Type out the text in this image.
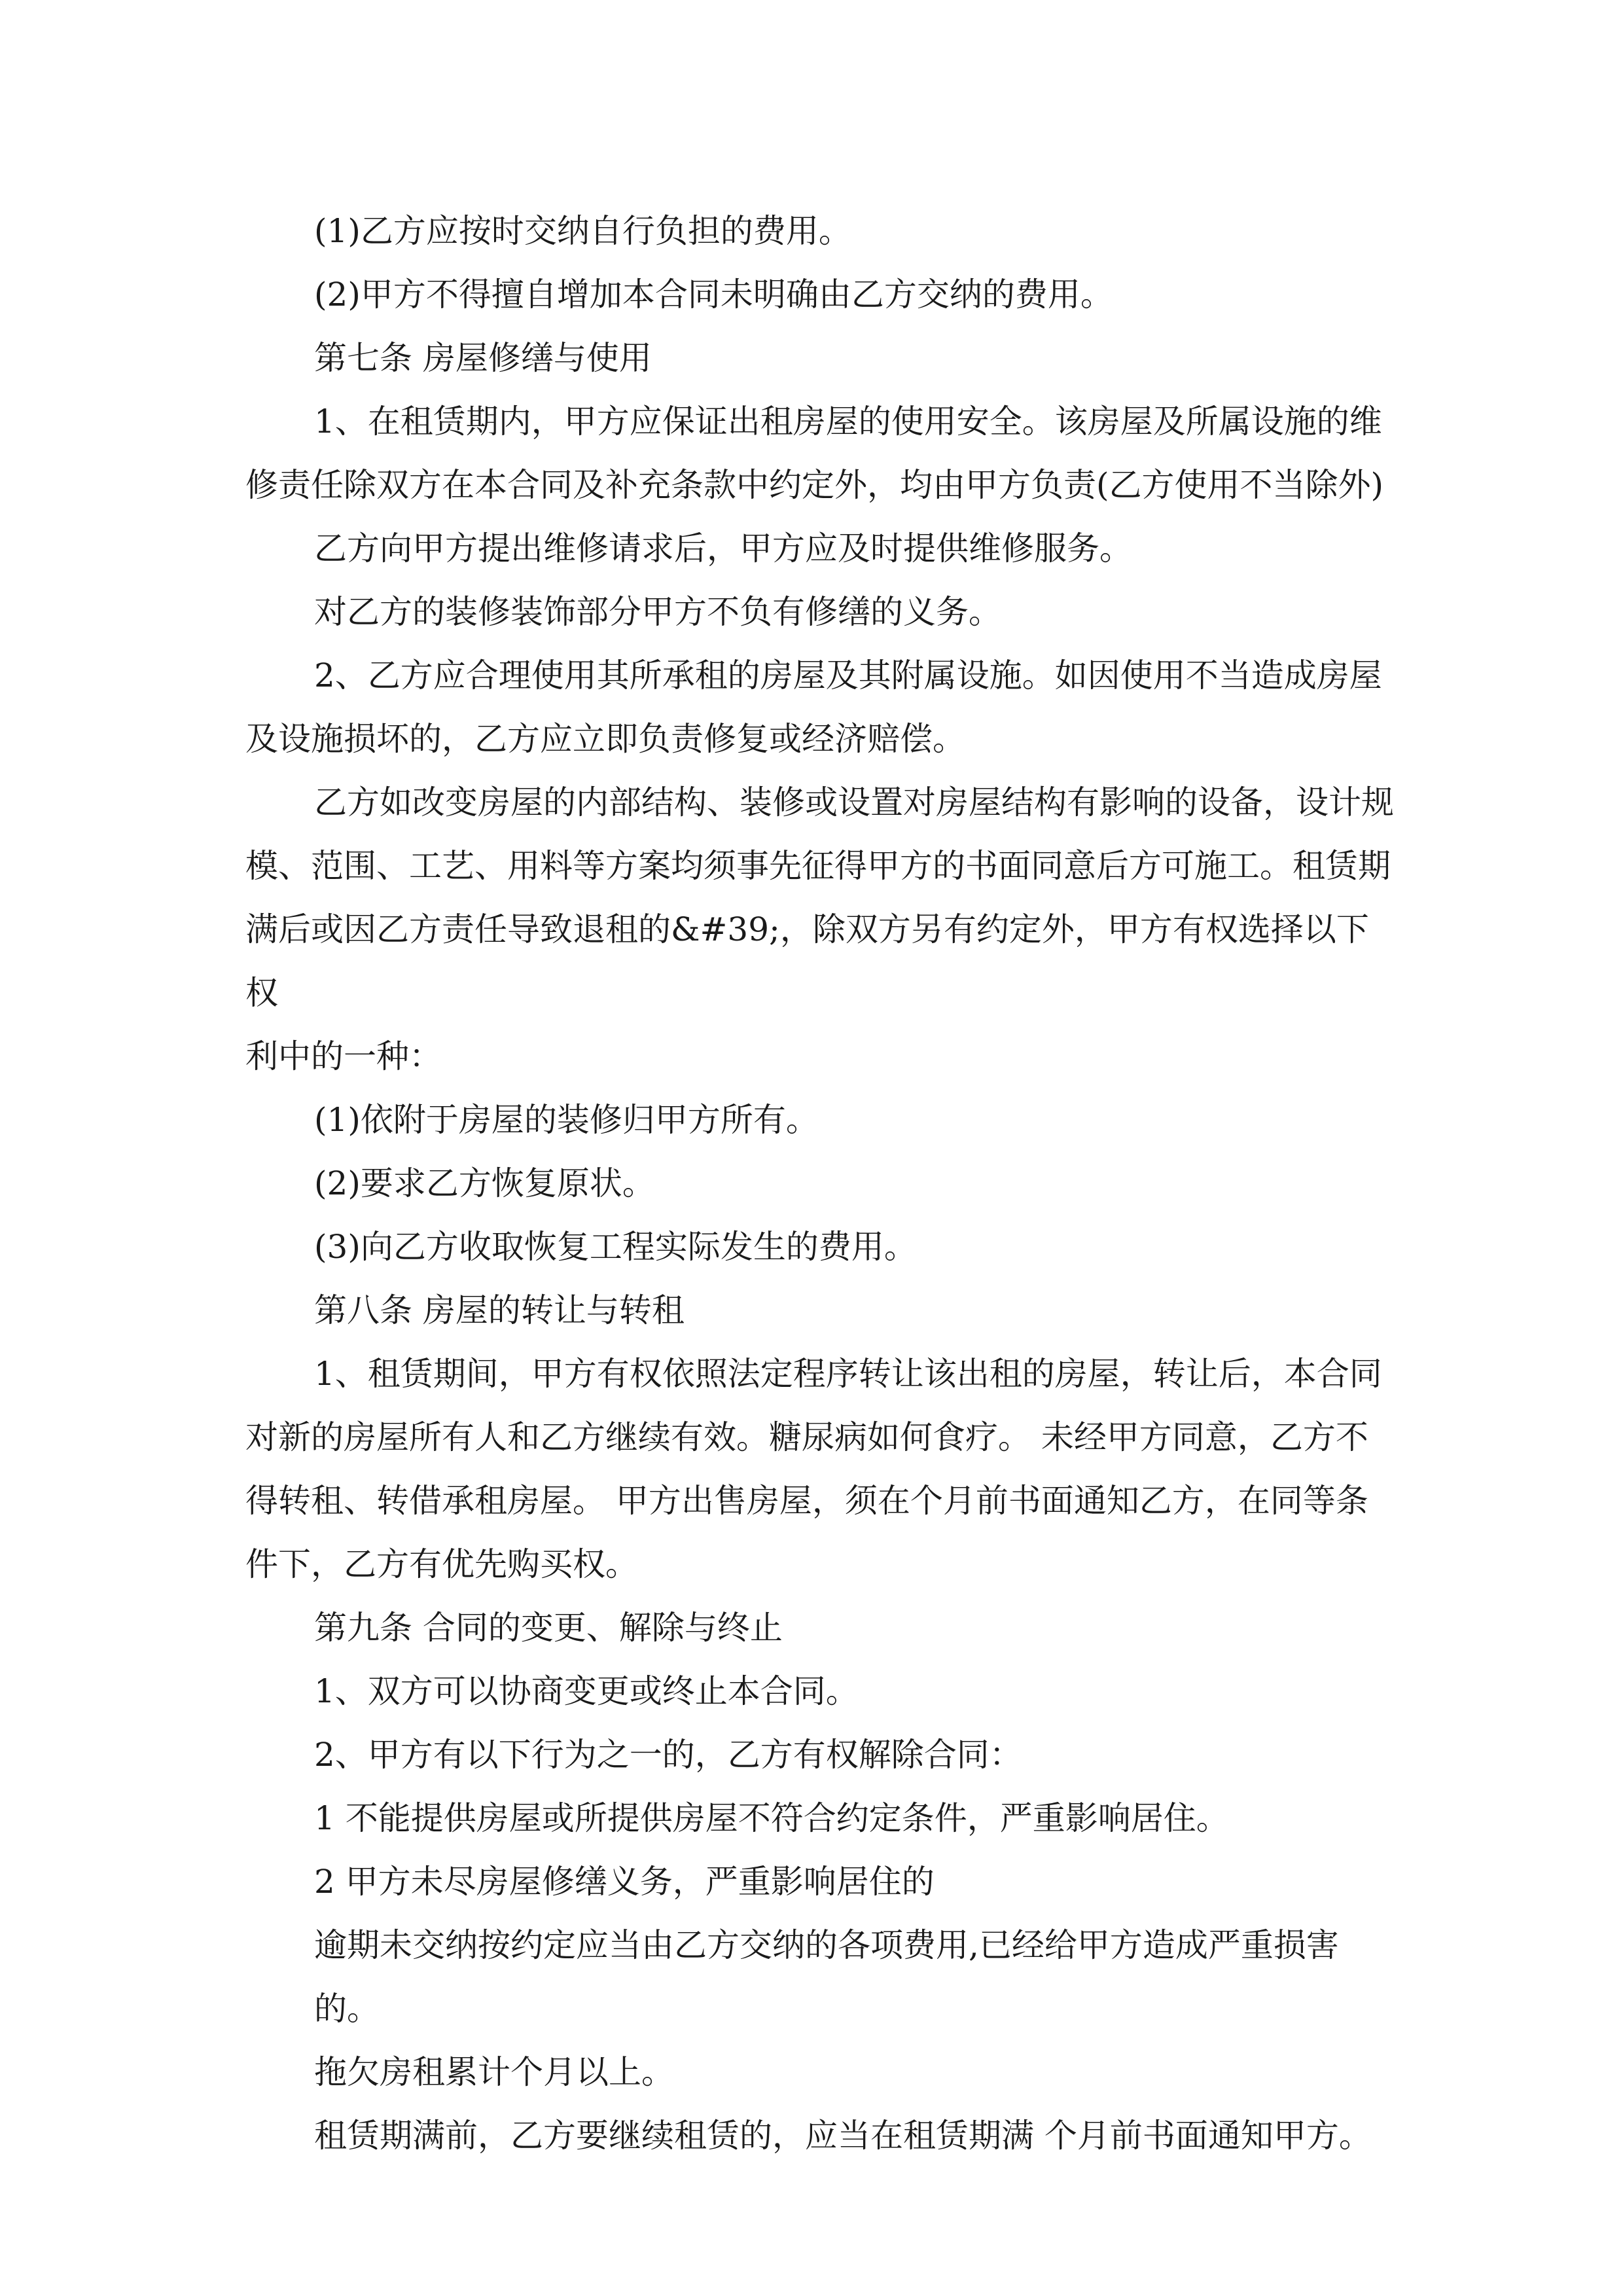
(1)乙方应按时交纳自行负担的费用。

(2)甲方不得擅自增加本合同未明确由乙方交纳的费用。

第七条 房屋修缮与使用

1、在租赁期内，甲方应保证出租房屋的使用安全。该房屋及所属设施的维

修责任除双方在本合同及补充条款中约定外，均由甲方负责(乙方使用不当除外)

乙方向甲方提出维修请求后，甲方应及时提供维修服务。

对乙方的装修装饰部分甲方不负有修缮的义务。

2、乙方应合理使用其所承租的房屋及其附属设施。如因使用不当造成房屋

及设施损坏的，乙方应立即负责修复或经济赔偿。

乙方如改变房屋的内部结构、装修或设置对房屋结构有影响的设备，设计规

模、范围、工艺、用料等方案均须事先征得甲方的书面同意后方可施工。租赁期

满后或因乙方责任导致退租的&#39;，除双方另有约定外，甲方有权选择以下权

利中的一种：

(1)依附于房屋的装修归甲方所有。

(2)要求乙方恢复原状。

(3)向乙方收取恢复工程实际发生的费用。

第八条 房屋的转让与转租

1、租赁期间，甲方有权依照法定程序转让该出租的房屋，转让后，本合同

对新的房屋所有人和乙方继续有效。糖尿病如何食疗。 未经甲方同意，乙方不

得转租、转借承租房屋。 甲方出售房屋，须在个月前书面通知乙方，在同等条

件下，乙方有优先购买权。

第九条 合同的变更、解除与终止

1、双方可以协商变更或终止本合同。

2、甲方有以下行为之一的，乙方有权解除合同：

1 不能提供房屋或所提供房屋不符合约定条件，严重影响居住。

2 甲方未尽房屋修缮义务，严重影响居住的

逾期未交纳按约定应当由乙方交纳的各项费用,已经给甲方造成严重损害的。

拖欠房租累计个月以上。

租赁期满前，乙方要继续租赁的，应当在租赁期满 个月前书面通知甲方。
